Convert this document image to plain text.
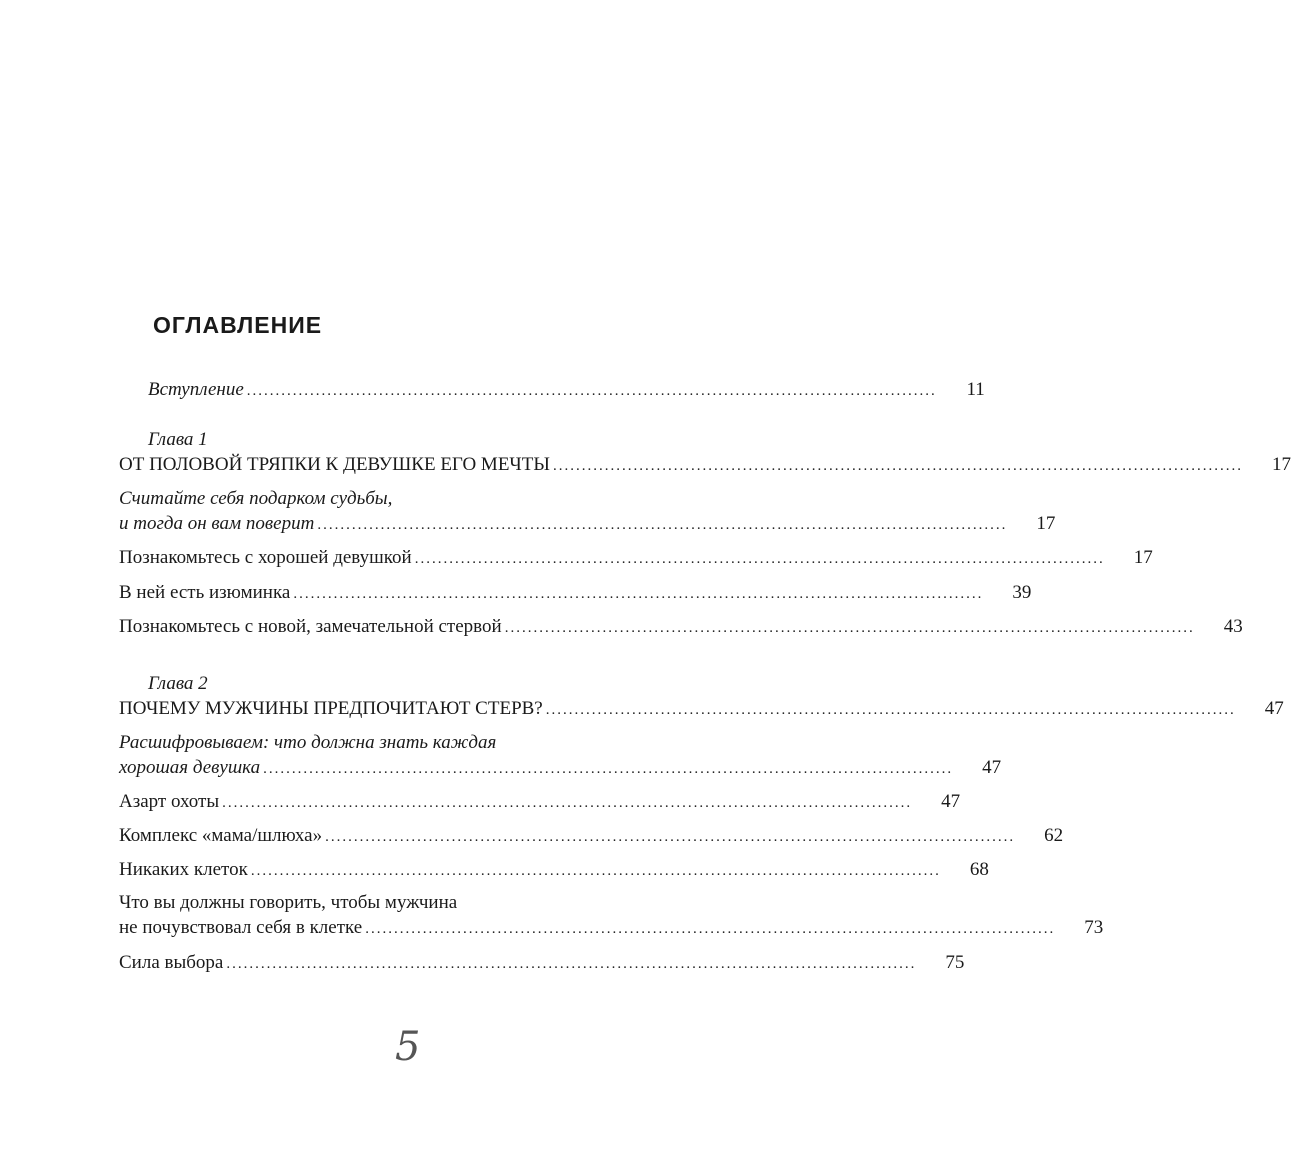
ОГЛАВЛЕНИЕ
Вступление ........................................................................................................................	11
Глава 1
ОТ ПОЛОВОЙ ТРЯПКИ К ДЕВУШКЕ ЕГО МЕЧТЫ ........................................................................................................................	17
Считайте себя подарком судьбы,
и тогда он вам поверит ........................................................................................................................	17
Познакомьтесь с хорошей девушкой ........................................................................................................................	17
В ней есть изюминка ........................................................................................................................	39
Познакомьтесь с новой, замечательной стервой ........................................................................................................................	43
Глава 2
ПОЧЕМУ МУЖЧИНЫ ПРЕДПОЧИТАЮТ СТЕРВ? ........................................................................................................................	47
Расшифровываем: что должна знать каждая
хорошая девушка ........................................................................................................................	47
Азарт охоты ........................................................................................................................	47
Комплекс «мама/шлюха» ........................................................................................................................	62
Никаких клеток ........................................................................................................................	68
Что вы должны говорить, чтобы мужчина
не почувствовал себя в клетке ........................................................................................................................	73
Сила выбора ........................................................................................................................	75
5
